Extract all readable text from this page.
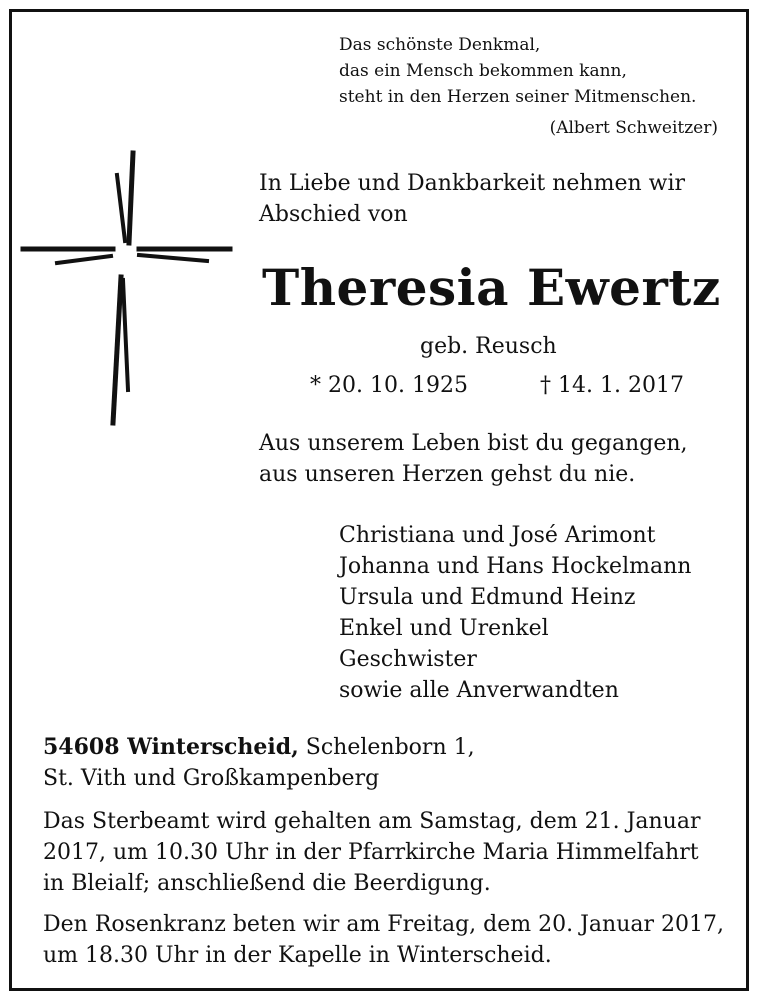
Das schönste Denkmal,
das ein Mensch bekommen kann,
steht in den Herzen seiner Mitmenschen.
(Albert Schweitzer)
In Liebe und Dankbarkeit nehmen wir
Abschied von
Theresia Ewertz
geb. Reusch
* 20. 10. 1925	† 14. 1. 2017
Aus unserem Leben bist du gegangen,
aus unseren Herzen gehst du nie.
Christiana und José Arimont
Johanna und Hans Hockelmann
Ursula und Edmund Heinz
Enkel und Urenkel
Geschwister
sowie alle Anverwandten
54608 Winterscheid, Schelenborn 1,
St. Vith und Großkampenberg
Das Sterbeamt wird gehalten am Samstag, dem 21. Januar
2017, um 10.30 Uhr in der Pfarrkirche Maria Himmelfahrt
in Bleialf; anschließend die Beerdigung.
Den Rosenkranz beten wir am Freitag, dem 20. Januar 2017,
um 18.30 Uhr in der Kapelle in Winterscheid.
